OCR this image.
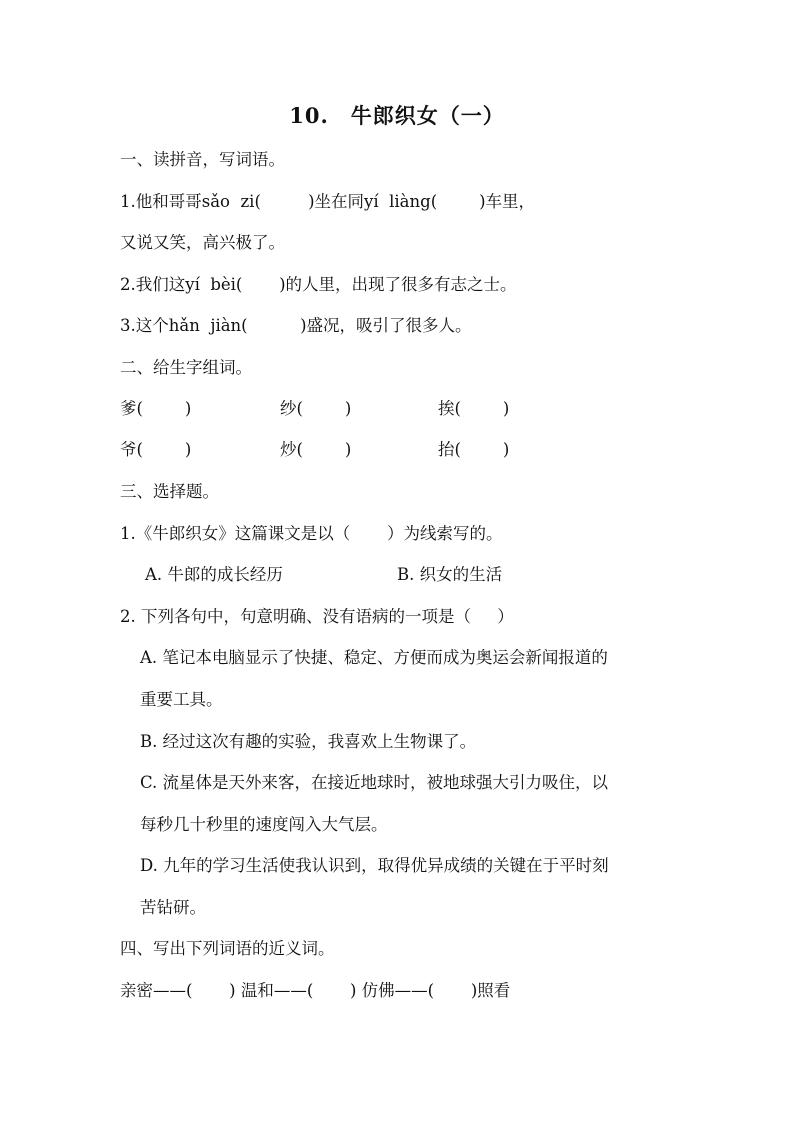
10.　牛郎织女（一）
一、读拼音，写词语。
1.他和哥哥sǎo  zi(         )坐在同yí  liàng(        )车里，
又说又笑，高兴极了。
2.我们这yí  bèi(       )的人里，出现了很多有志之士。
3.这个hǎn  jiàn(          )盛况，吸引了很多人。
二、给生字组词。
爹(        )	纱(        )	挨(        )
爷(        )	炒(        )	抬(        )
三、选择题。
1.《牛郎织女》这篇课文是以（       ）为线索写的。
A. 牛郎的成长经历	B. 织女的生活
2. 下列各句中，句意明确、没有语病的一项是（     ）
A. 笔记本电脑显示了快捷、稳定、方便而成为奥运会新闻报道的
重要工具。
B. 经过这次有趣的实验，我喜欢上生物课了。
C. 流星体是天外来客，在接近地球时，被地球强大引力吸住，以
每秒几十秒里的速度闯入大气层。
D. 九年的学习生活使我认识到，取得优异成绩的关键在于平时刻
苦钻研。
四、写出下列词语的近义词。
亲密——(       ) 温和——(       ) 仿佛——(       )照看
